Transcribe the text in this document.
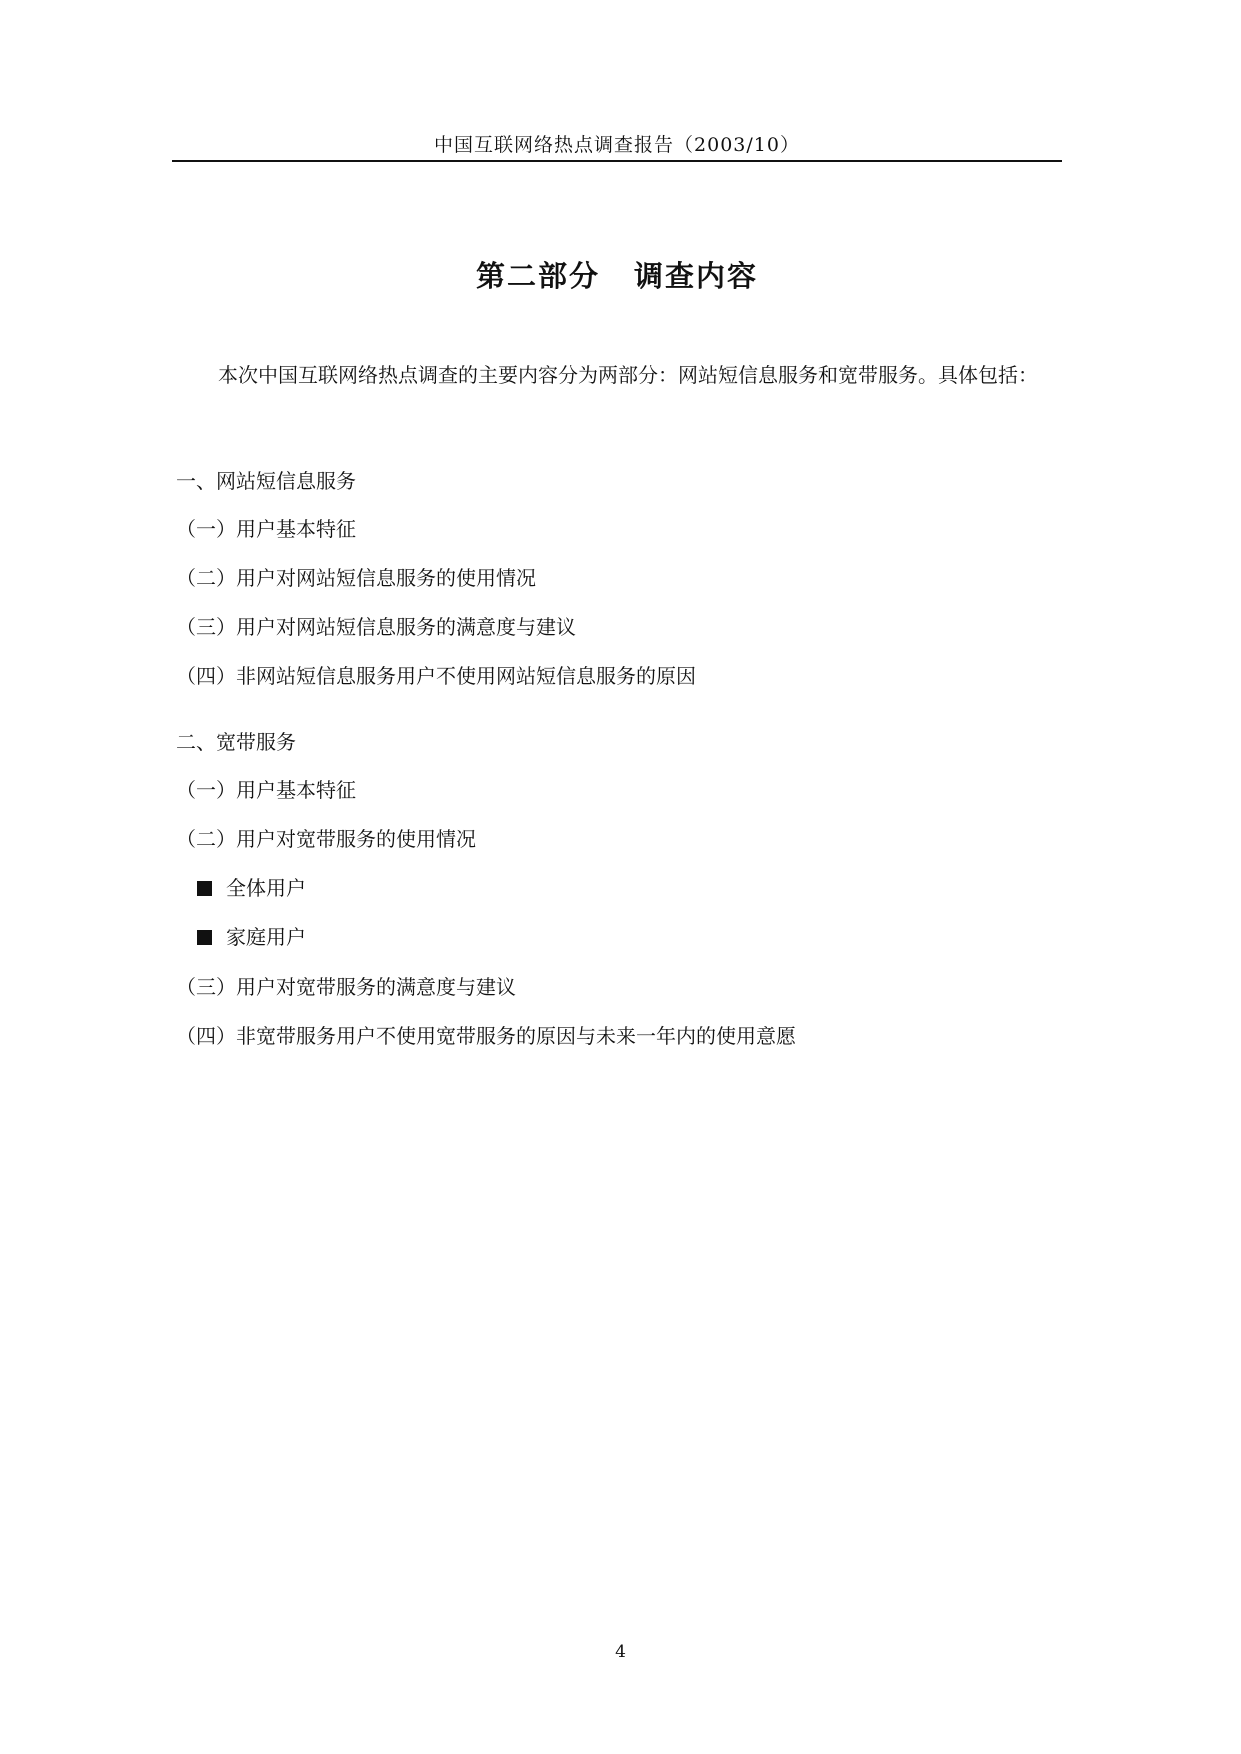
中国互联网络热点调查报告（2003/10）
第二部分 调查内容

本次中国互联网络热点调查的主要内容分为两部分：网站短信息服务和宽带服务。具体包括：

一、网站短信息服务
（一）用户基本特征
（二）用户对网站短信息服务的使用情况
（三）用户对网站短信息服务的满意度与建议
（四）非网站短信息服务用户不使用网站短信息服务的原因
二、宽带服务
（一）用户基本特征
（二）用户对宽带服务的使用情况
全体用户
家庭用户
（三）用户对宽带服务的满意度与建议
（四）非宽带服务用户不使用宽带服务的原因与未来一年内的使用意愿
4
